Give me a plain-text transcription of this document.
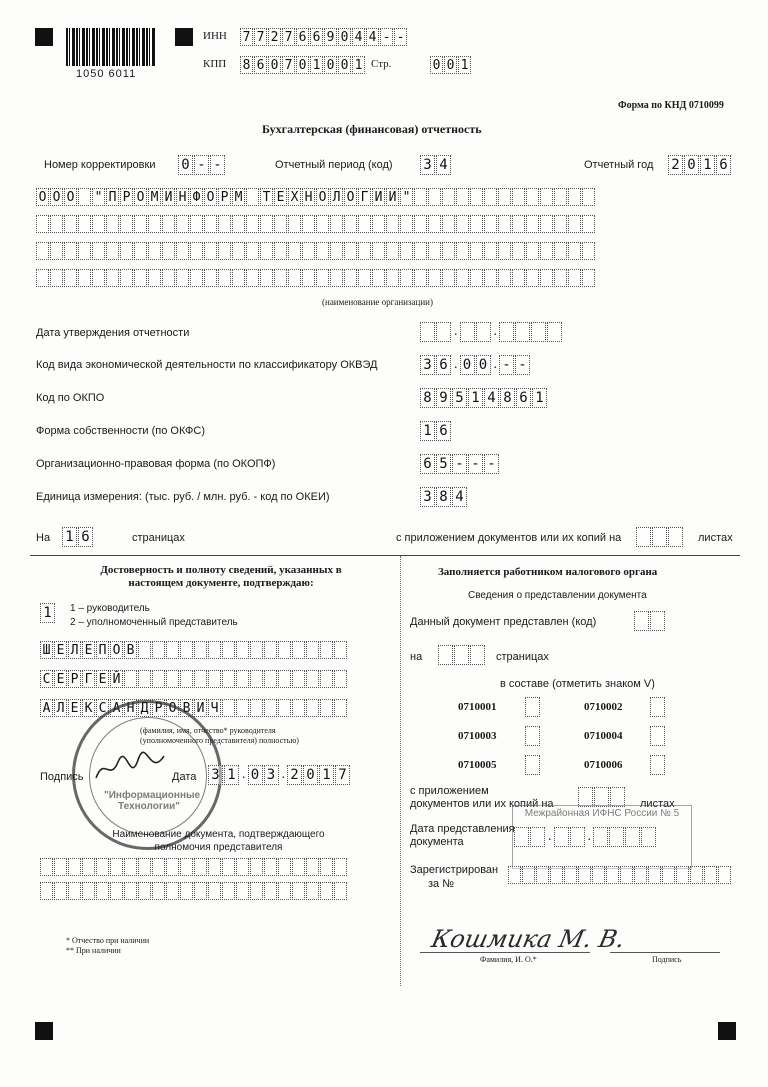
1050 6011
ИНН 7 7 2 7 6 6 9 0 4 4 - -
КПП 8 6 0 7 0 1 0 0 1 Стр.	0 0 1
Форма по КНД 0710099
Бухгалтерская (финансовая) отчетность
Номер корректировки 0 - -	Отчетный период (код) 3 4	Отчетный год 2 0 1 6
О О О " П Р О М И Н Ф О Р М Т Е Х Н О Л О Г И И "
(наименование организации)
Дата утверждения отчетности	.	.
Код вида экономической деятельности по классификатору ОКВЭД	3 6 . 0 0 . - -
Код по ОКПО	8 9 5 1 4 8 6 1
Форма собственности (по ОКФС)	1 6
Организационно-правовая форма (по ОКОПФ)	6 5 - - -
Единица измерения: (тыс. руб. / млн. руб. - код по ОКЕИ)	3 8 4
На 1 6	страницах	с приложением документов или их копий на	листах
Достоверность и полноту сведений, указанных в настоящем документе, подтверждаю:
1	1 – руководитель
2 – уполномоченный представитель
Ш Е Л Е П О В
С Е Р Г Е Й
А Л Е К С А Н Д Р О В И Ч
(фамилия, имя, отчество* руководителя (уполномоченного представителя) полностью)
"Информационные Технологии"
Подпись	Дата 3 1 . 0 3 . 2 0 1 7
Наименование документа, подтверждающего полномочия представителя
* Отчество при наличии
** При наличии
Заполняется работником налогового органа
Сведения о представлении документа
Данный документ представлен (код)
на	страницах
в составе (отметить знаком V)
0710001	0710002
0710003	0710004
0710005	0710006
с приложением
документов или их копий на	листах
Дата представления
документа	.	.
Межрайонная ИФНС России № 5
Зарегистрирован
за №
Кошмика М. В.
Фамилия, И. О.*	Подпись
